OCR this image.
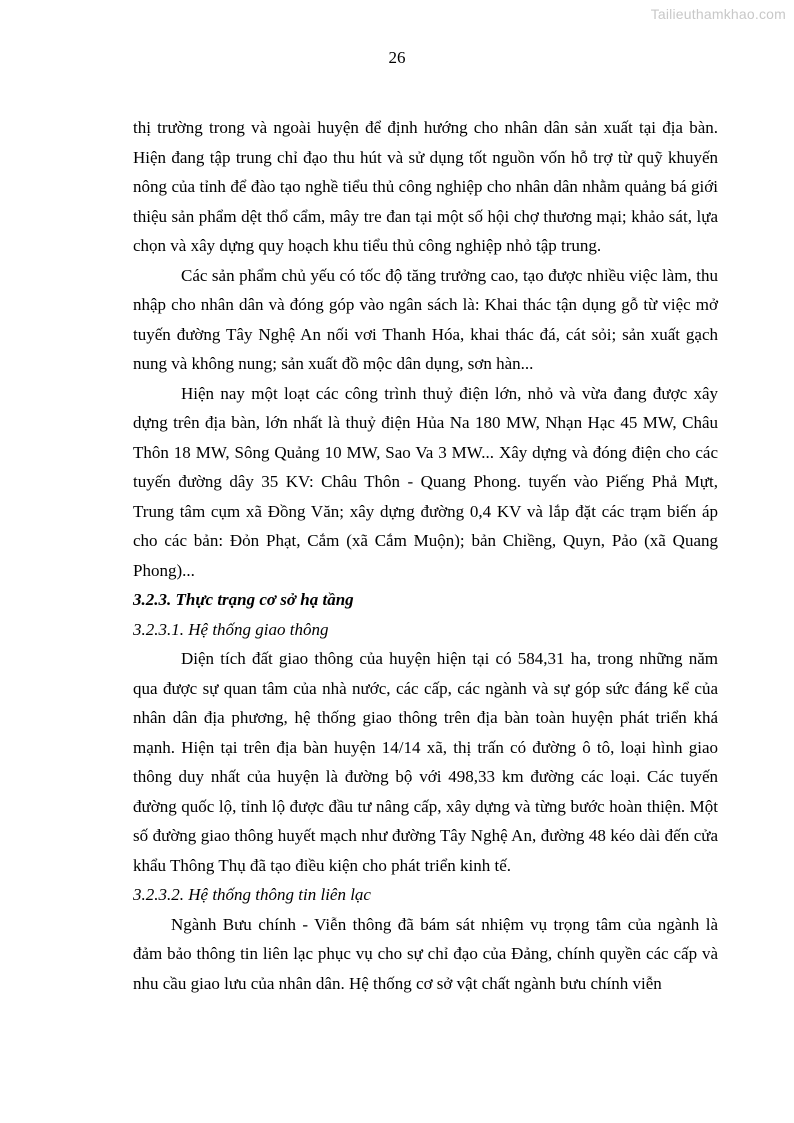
Tailieuthamkhao.com
26

thị trường trong và ngoài huyện để định hướng cho nhân dân sản xuất tại địa bàn. Hiện đang tập trung chỉ đạo thu hút và sử dụng tốt nguồn vốn hỗ trợ từ quỹ khuyến nông của tỉnh để đào tạo nghề tiểu thủ công nghiệp cho nhân dân nhằm quảng bá giới thiệu sản phẩm dệt thổ cẩm, mây tre đan tại một số hội chợ thương mại; khảo sát, lựa chọn và xây dựng quy hoạch khu tiểu thủ công nghiệp nhỏ tập trung.

Các sản phẩm chủ yếu có tốc độ tăng trưởng cao, tạo được nhiều việc làm, thu nhập cho nhân dân và đóng góp vào ngân sách là: Khai thác tận dụng gỗ từ việc mở tuyến đường Tây Nghệ An nối vơi Thanh Hóa, khai thác đá, cát sỏi; sản xuất gạch nung và không nung; sản xuất đồ mộc dân dụng, sơn hàn...

Hiện nay một loạt các công trình thuỷ điện lớn, nhỏ và vừa đang được xây dựng trên địa bàn, lớn nhất là thuỷ điện Hủa Na 180 MW, Nhạn Hạc 45 MW, Châu Thôn 18 MW, Sông Quảng 10 MW, Sao Va 3 MW... Xây dựng và đóng điện cho các tuyến đường dây 35 KV: Châu Thôn - Quang Phong. tuyến vào Piếng Phả Mựt, Trung tâm cụm xã Đồng Văn; xây dựng đường 0,4 KV và lắp đặt các trạm biến áp cho các bản: Đỏn Phạt, Cắm (xã Cắm Muộn); bản Chiềng, Quyn, Pảo (xã Quang Phong)...

3.2.3. Thực trạng cơ sở hạ tầng

3.2.3.1. Hệ thống giao thông

Diện tích đất giao thông của huyện hiện tại có 584,31 ha, trong những năm qua được sự quan tâm của nhà nước, các cấp, các ngành và sự góp sức đáng kể của nhân dân địa phương, hệ thống giao thông trên địa bàn toàn huyện phát triển khá mạnh. Hiện tại trên địa bàn huyện 14/14 xã, thị trấn có đường ô tô, loại hình giao thông duy nhất của huyện là đường bộ với 498,33 km đường các loại. Các tuyến đường quốc lộ, tỉnh lộ được đầu tư nâng cấp, xây dựng và từng bước hoàn thiện. Một số đường giao thông huyết mạch như đường Tây Nghệ An, đường 48 kéo dài đến cửa khẩu Thông Thụ đã tạo điều kiện cho phát triển kinh tế.

3.2.3.2. Hệ thống thông tin liên lạc

Ngành Bưu chính - Viễn thông đã bám sát nhiệm vụ trọng tâm của ngành là đảm bảo thông tin liên lạc phục vụ cho sự chỉ đạo của Đảng, chính quyền các cấp và nhu cầu giao lưu của nhân dân. Hệ thống cơ sở vật chất ngành bưu chính viễn
